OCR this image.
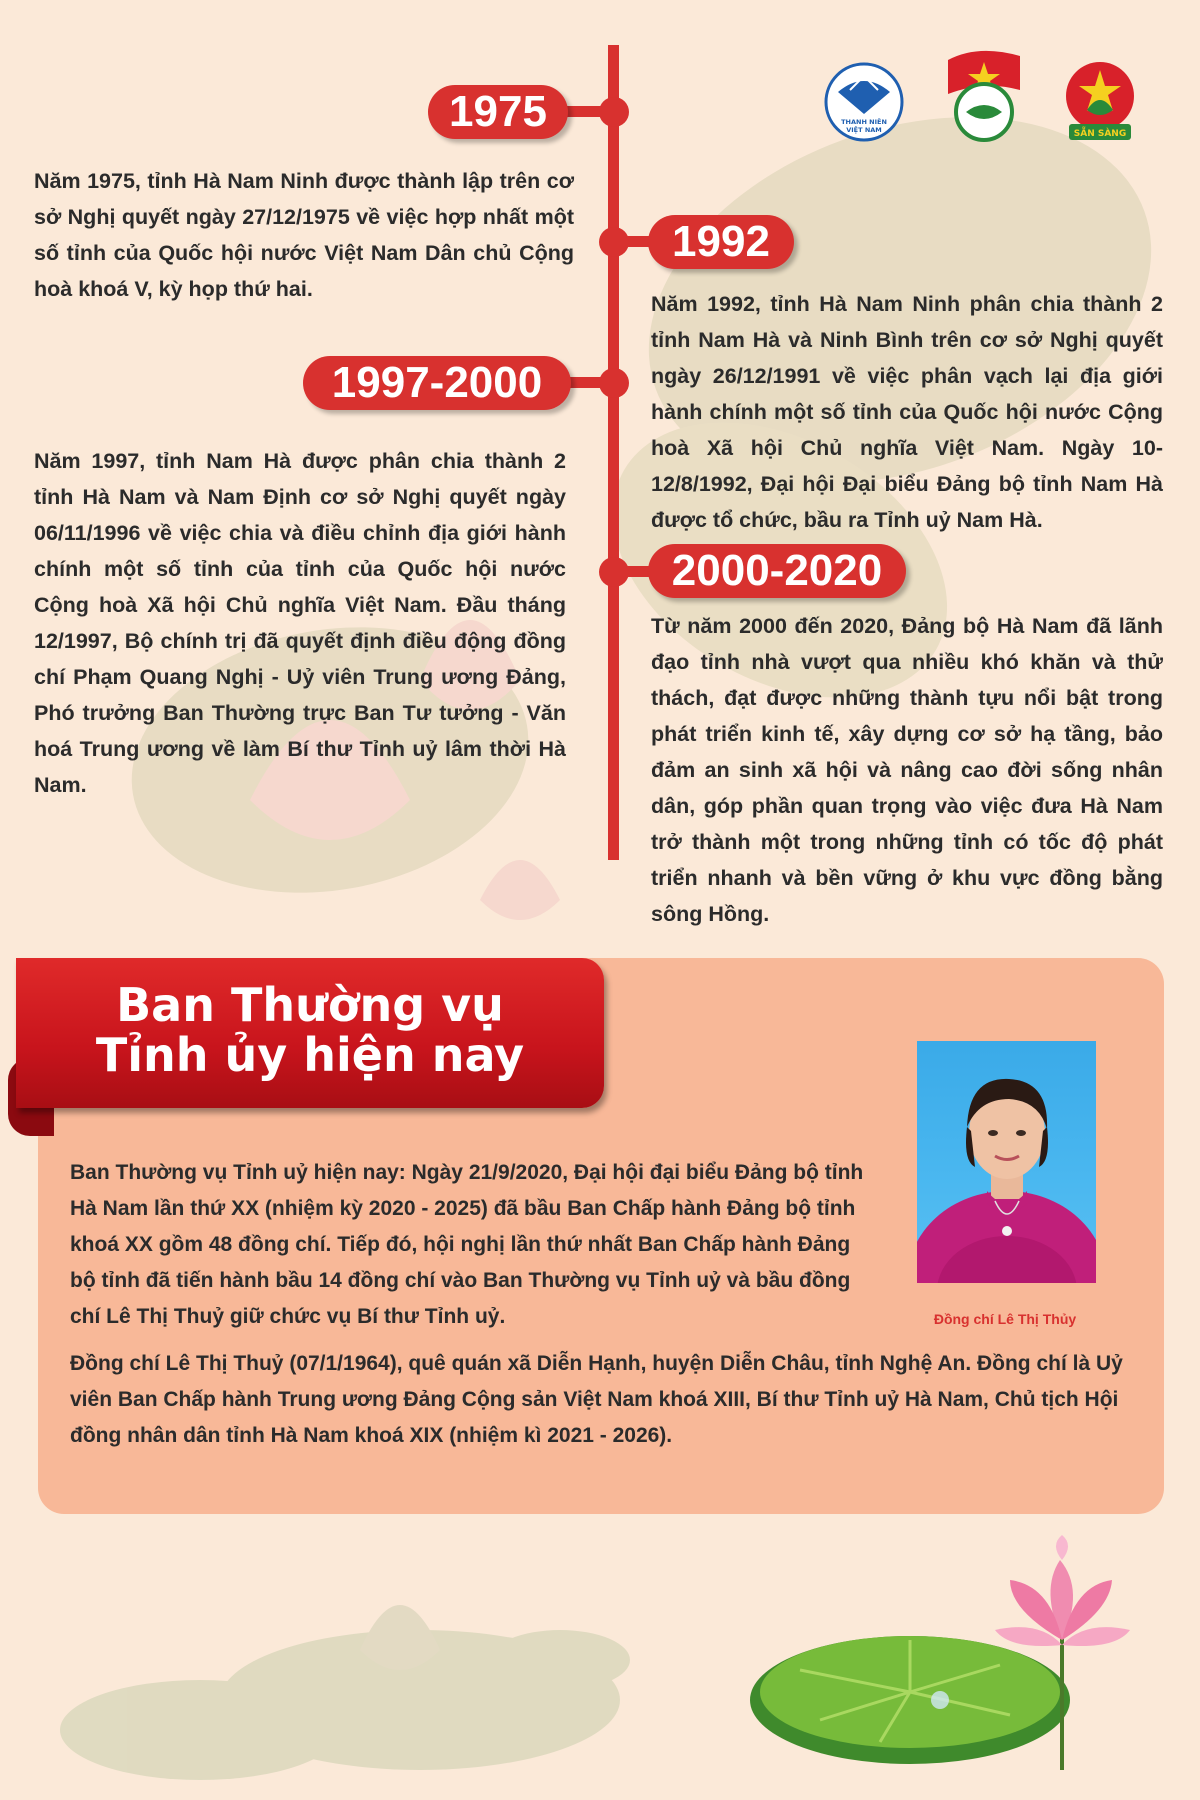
THANH NIÊN
VIỆT NAM	SẴN SÀNG
1975
Năm 1975, tỉnh Hà Nam Ninh được thành lập trên cơ sở Nghị quyết ngày 27/12/1975 về việc hợp nhất một số tỉnh của Quốc hội nước Việt Nam Dân chủ Cộng hoà khoá V, kỳ họp thứ hai.
1992
Năm 1992, tỉnh Hà Nam Ninh phân chia thành 2 tỉnh Nam Hà và Ninh Bình trên cơ sở Nghị quyết ngày 26/12/1991 về việc phân vạch lại địa giới hành chính một số tỉnh của Quốc hội nước Cộng hoà Xã hội Chủ nghĩa Việt Nam. Ngày 10-12/8/1992, Đại hội Đại biểu Đảng bộ tỉnh Nam Hà được tổ chức, bầu ra Tỉnh uỷ Nam Hà.
1997-2000
Năm 1997, tỉnh Nam Hà được phân chia thành 2 tỉnh Hà Nam và Nam Định cơ sở Nghị quyết ngày 06/11/1996 về việc chia và điều chỉnh địa giới hành chính một số tỉnh của tỉnh của Quốc hội nước Cộng hoà Xã hội Chủ nghĩa Việt Nam. Đầu tháng 12/1997, Bộ chính trị đã quyết định điều động đồng chí Phạm Quang Nghị - Uỷ viên Trung ương Đảng, Phó trưởng Ban Thường trực Ban Tư tưởng - Văn hoá Trung ương về làm Bí thư Tỉnh uỷ lâm thời Hà Nam.
2000-2020
Từ năm 2000 đến 2020, Đảng bộ Hà Nam đã lãnh đạo tỉnh nhà vượt qua nhiều khó khăn và thử thách, đạt được những thành tựu nổi bật trong phát triển kinh tế, xây dựng cơ sở hạ tầng, bảo đảm an sinh xã hội và nâng cao đời sống nhân dân, góp phần quan trọng vào việc đưa Hà Nam trở thành một trong những tỉnh có tốc độ phát triển nhanh và bền vững ở khu vực đồng bằng sông Hồng.
Ban Thường vụ
Tỉnh ủy hiện nay
Đồng chí Lê Thị Thủy
Ban Thường vụ Tỉnh uỷ hiện nay: Ngày 21/9/2020, Đại hội đại biểu Đảng bộ tỉnh Hà Nam lần thứ XX (nhiệm kỳ 2020 - 2025) đã bầu Ban Chấp hành Đảng bộ tỉnh khoá XX gồm 48 đồng chí. Tiếp đó, hội nghị lần thứ nhất Ban Chấp hành Đảng bộ tỉnh đã tiến hành bầu 14 đồng chí vào Ban Thường vụ Tỉnh uỷ và bầu đồng chí Lê Thị Thuỷ giữ chức vụ Bí thư Tỉnh uỷ.
Đồng chí Lê Thị Thuỷ (07/1/1964), quê quán xã Diễn Hạnh, huyện Diễn Châu, tỉnh Nghệ An. Đồng chí là Uỷ viên Ban Chấp hành Trung ương Đảng Cộng sản Việt Nam khoá XIII, Bí thư Tỉnh uỷ Hà Nam, Chủ tịch Hội đồng nhân dân tỉnh Hà Nam khoá XIX (nhiệm kì 2021 - 2026).
